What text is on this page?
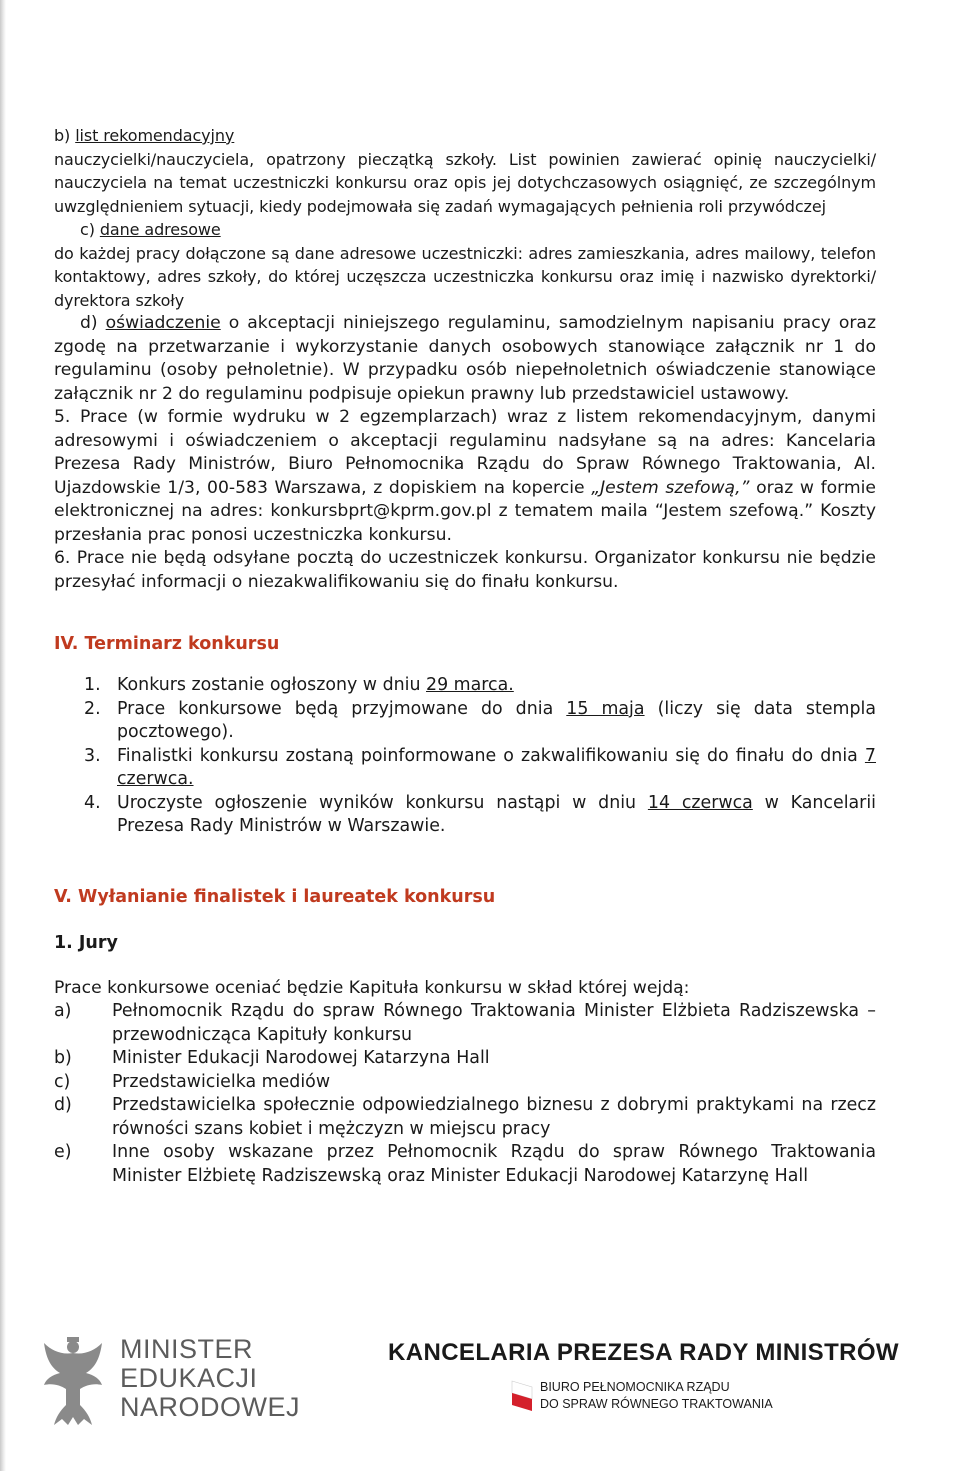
b) list rekomendacyjny

nauczycielki/nauczyciela, opatrzony pieczątką szkoły. List powinien zawierać opinię nauczycielki/ nauczyciela na temat uczestniczki konkursu oraz opis jej dotychczasowych osiągnięć, ze szczególnym uwzględnieniem sytuacji, kiedy podejmowała się zadań wymagających pełnienia roli przywódczej

c) dane adresowe

do każdej pracy dołączone są dane adresowe uczestniczki: adres zamieszkania, adres mailowy, telefon kontaktowy, adres szkoły, do której uczęszcza uczestniczka konkursu oraz imię i nazwisko dyrektorki/ dyrektora szkoły

d) oświadczenie o akceptacji niniejszego regulaminu, samodzielnym napisaniu pracy oraz zgodę na przetwarzanie i wykorzystanie danych osobowych stanowiące załącznik nr 1 do regulaminu (osoby pełnoletnie). W przypadku osób niepełnoletnich oświadczenie stanowiące załącznik nr 2 do regulaminu podpisuje opiekun prawny lub przedstawiciel ustawowy.

5. Prace (w formie wydruku w 2 egzemplarzach) wraz z listem rekomendacyjnym, danymi adresowymi i oświadczeniem o akceptacji regulaminu nadsyłane są na adres: Kancelaria Prezesa Rady Ministrów, Biuro Pełnomocnika Rządu do Spraw Równego Traktowania, Al. Ujazdowskie 1/3, 00-583 Warszawa, z dopiskiem na kopercie „Jestem szefową,” oraz w formie elektronicznej na adres: konkursbprt@kprm.gov.pl z tematem maila “Jestem szefową.” Koszty przesłania prac ponosi uczestniczka konkursu.

6. Prace nie będą odsyłane pocztą do uczestniczek konkursu. Organizator konkursu nie będzie przesyłać informacji o niezakwalifikowaniu się do finału konkursu.

IV. Terminarz konkursu

1. Konkurs zostanie ogłoszony w dniu 29 marca.
2. Prace konkursowe będą przyjmowane do dnia 15 maja (liczy się data stempla pocztowego).
3. Finalistki konkursu zostaną poinformowane o zakwalifikowaniu się do finału do dnia 7 czerwca.
4. Uroczyste ogłoszenie wyników konkursu nastąpi w dniu 14 czerwca w Kancelarii Prezesa Rady Ministrów w Warszawie.

V. Wyłanianie finalistek i laureatek konkursu

1. Jury

Prace konkursowe oceniać będzie Kapituła konkursu w skład której wejdą:

a) Pełnomocnik Rządu do spraw Równego Traktowania Minister Elżbieta Radziszewska – przewodnicząca Kapituły konkursu
b) Minister Edukacji Narodowej Katarzyna Hall
c) Przedstawicielka mediów
d) Przedstawicielka społecznie odpowiedzialnego biznesu z dobrymi praktykami na rzecz równości szans kobiet i mężczyzn w miejscu pracy
e) Inne osoby wskazane przez Pełnomocnik Rządu do spraw Równego Traktowania Minister Elżbietę Radziszewską oraz Minister Edukacji Narodowej Katarzynę Hall
MINISTER
EDUKACJI
NARODOWEJ
KANCELARIA PREZESA RADY MINISTRÓW
BIURO PEŁNOMOCNIKA RZĄDU
DO SPRAW RÓWNEGO TRAKTOWANIA
